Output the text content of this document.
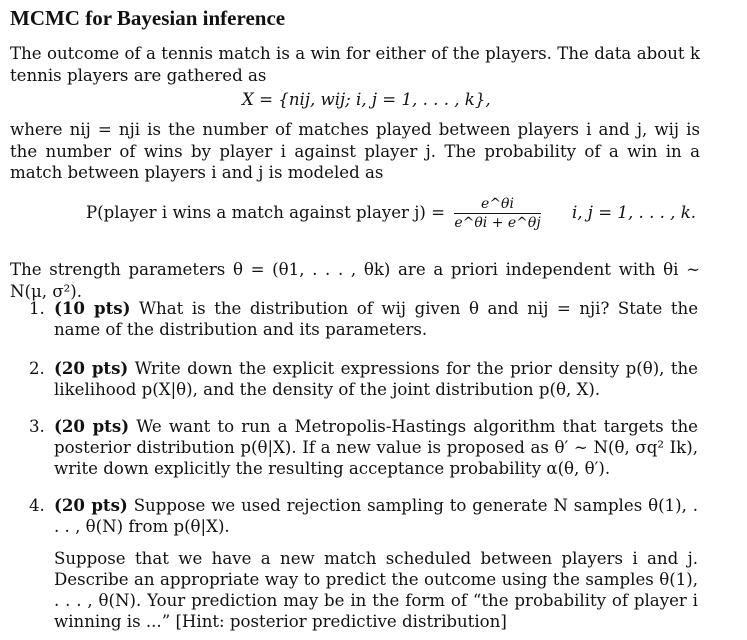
MCMC for Bayesian inference
The outcome of a tennis match is a win for either of the players. The data about k tennis players are gathered as
X = {nij, wij; i, j = 1, . . . , k},
where nij = nji is the number of matches played between players i and j, wij is the number of wins by player i against player j. The probability of a win in a match between players i and j is modeled as
P(player i wins a match against player $j) = \frac{e\^{}\theta i}{e\^{}\theta i + e\^{}\theta j} i$, j = 1, . . . , k.
The strength parameters θ = (θ1, . . . , θk) are a priori independent with θi ∼ N(μ, σ²).
1. (10 pts) What is the distribution of wij given θ and nij = nji? State the name of the distribution and its parameters.
2. (20 pts) Write down the explicit expressions for the prior density p(θ), the likelihood p(X|θ), and the density of the joint distribution p(θ, X).
3. (20 pts) We want to run a Metropolis-Hastings algorithm that targets the posterior distribution p(θ|X). If a new value is proposed as θ′ ∼ N(θ, σq² Ik), write down explicitly the resulting acceptance probability α(θ, θ′).
4. (20 pts) Suppose we used rejection sampling to generate N samples θ(1), . . . , θ(N) from p(θ|X).
Suppose that we have a new match scheduled between players i and j. Describe an appropriate way to predict the outcome using the samples θ(1), . . . , θ(N). Your prediction may be in the form of “the probability of player i winning is ...” [Hint: posterior predictive distribution]
